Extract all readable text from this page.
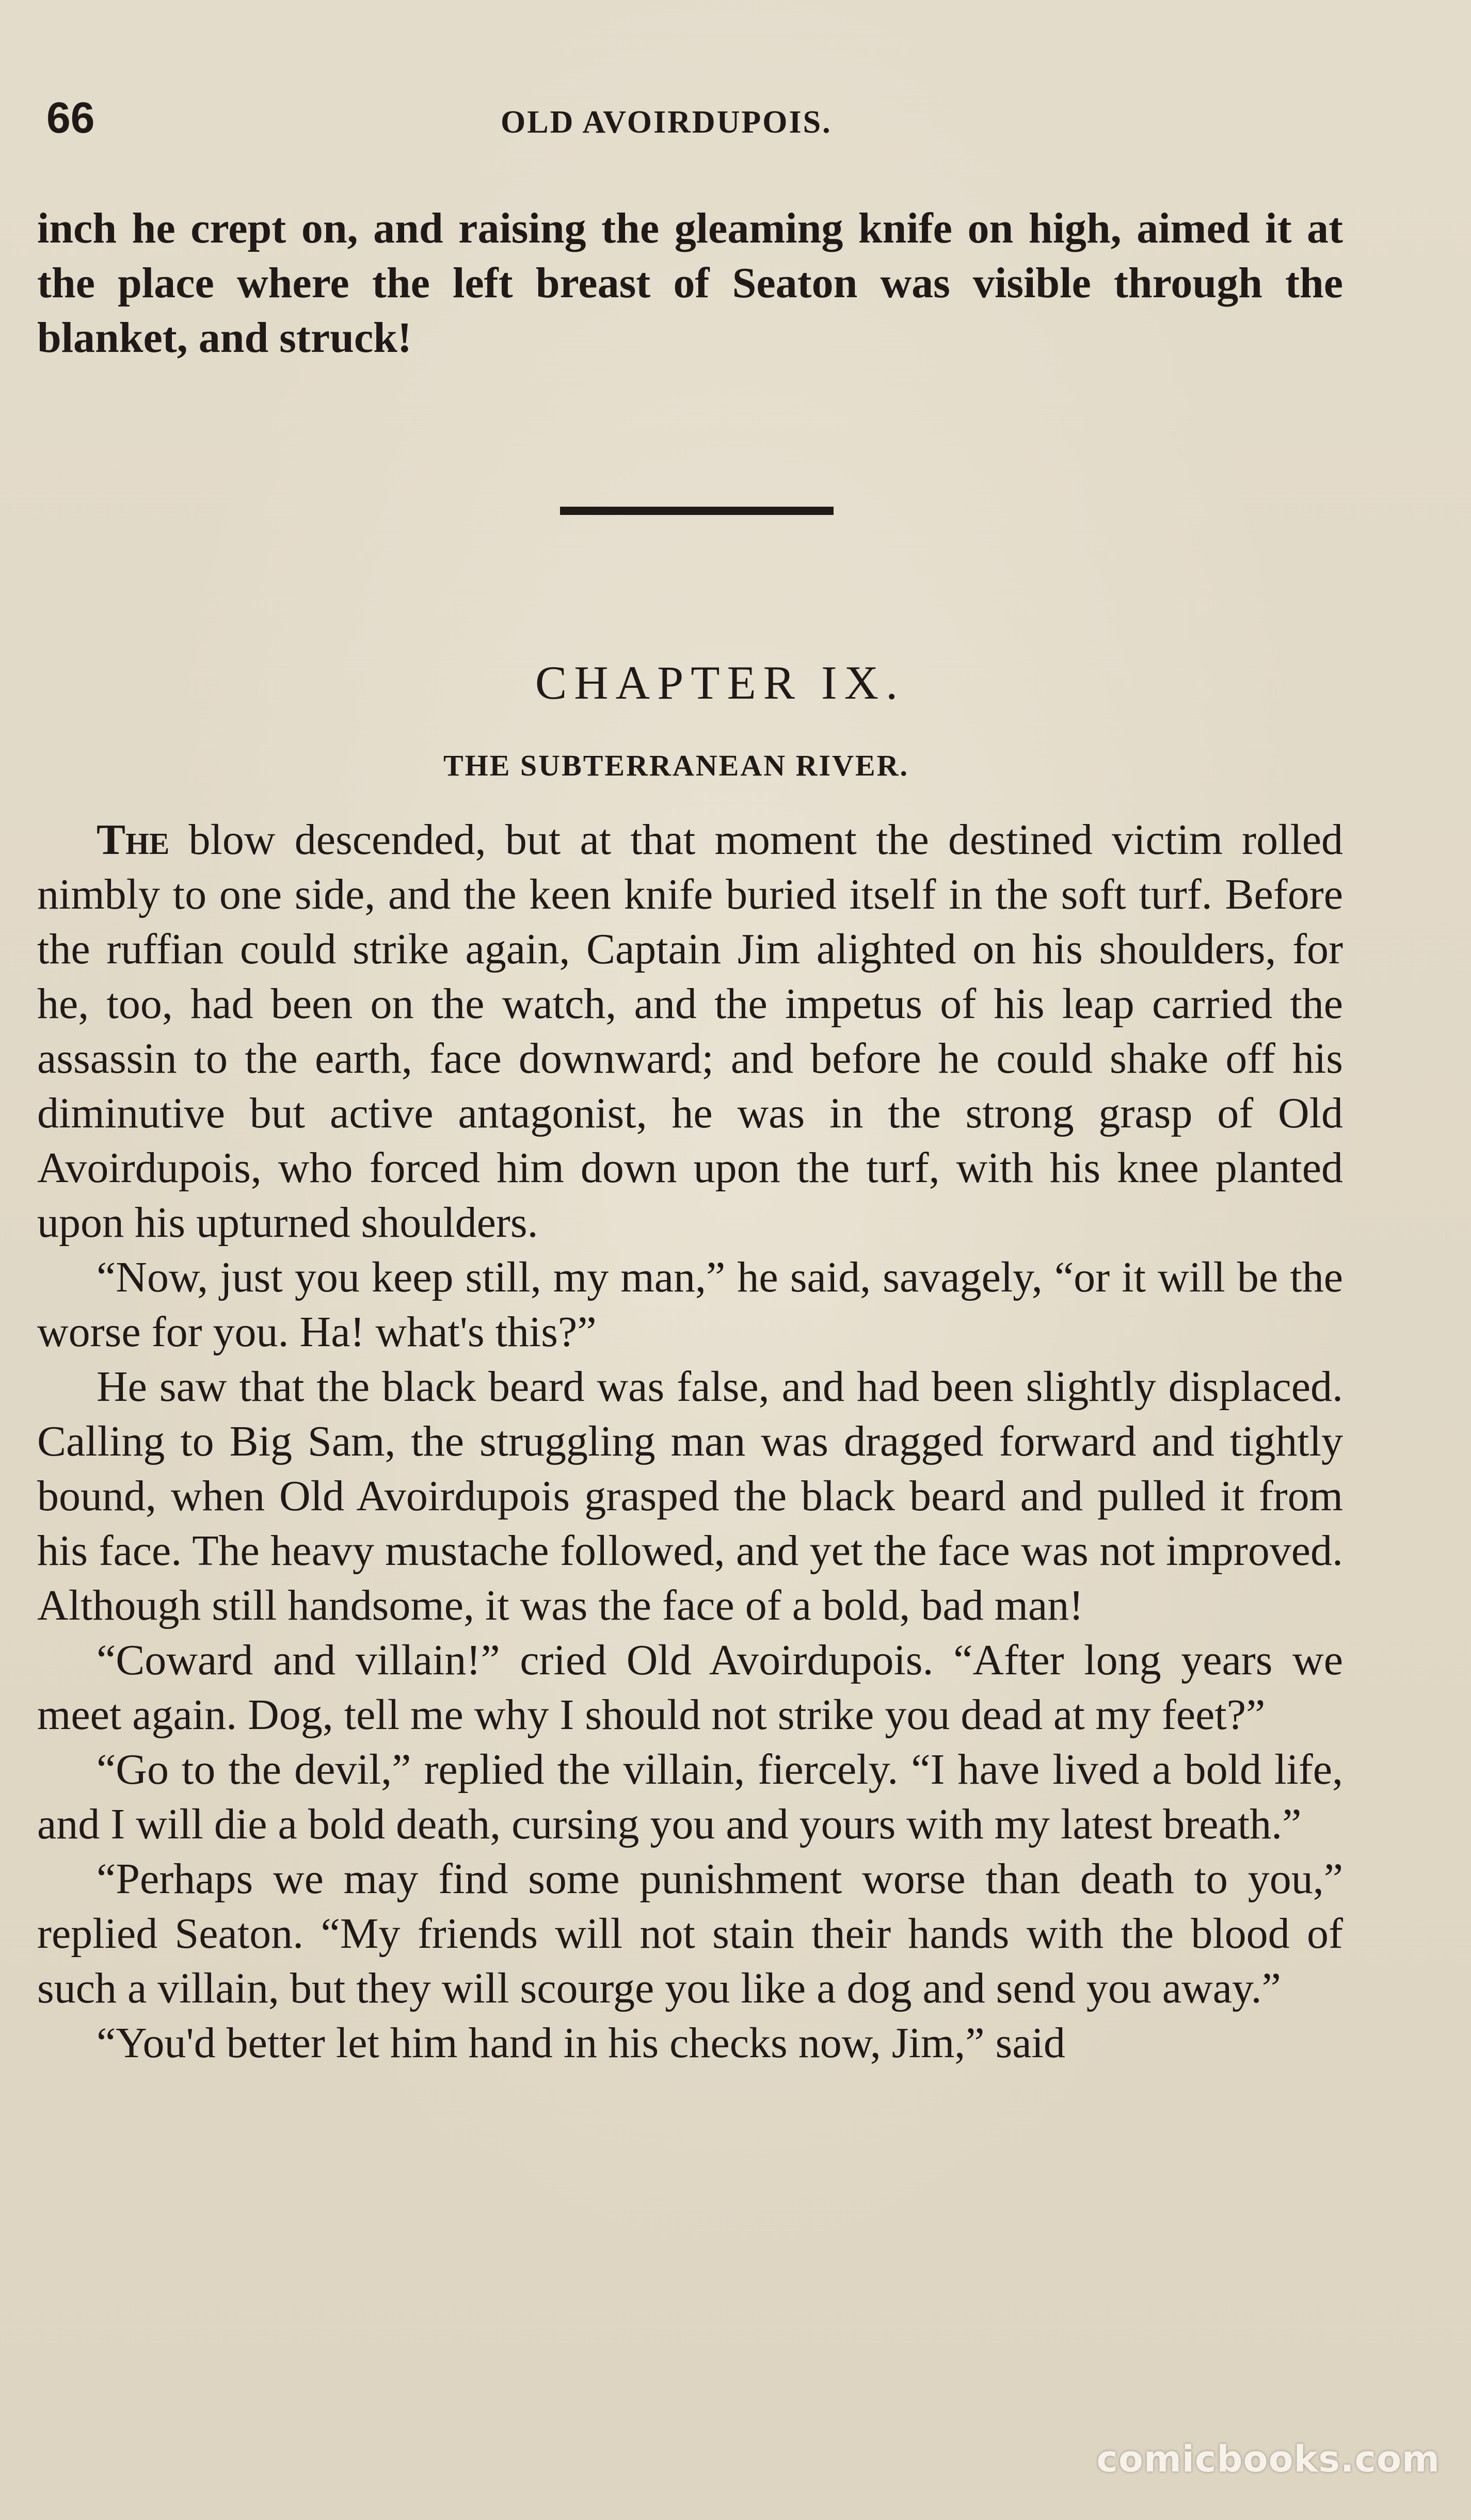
66	OLD AVOIRDUPOIS.

inch he crept on, and raising the gleaming knife on high, aimed it at the place where the left breast of Seaton was visible through the blanket, and struck!

CHAPTER IX.
THE SUBTERRANEAN RIVER.

The blow descended, but at that moment the destined victim rolled nimbly to one side, and the keen knife buried itself in the soft turf. Before the ruffian could strike again, Captain Jim alighted on his shoulders, for he, too, had been on the watch, and the impetus of his leap carried the assassin to the earth, face downward; and before he could shake off his diminutive but active antagonist, he was in the strong grasp of Old Avoirdupois, who forced him down upon the turf, with his knee planted upon his upturned shoulders.

“Now, just you keep still, my man,” he said, savagely, “or it will be the worse for you. Ha! what's this?”

He saw that the black beard was false, and had been slightly displaced. Calling to Big Sam, the struggling man was dragged forward and tightly bound, when Old Avoirdupois grasped the black beard and pulled it from his face. The heavy mustache followed, and yet the face was not improved. Although still handsome, it was the face of a bold, bad man!

“Coward and villain!” cried Old Avoirdupois. “After long years we meet again. Dog, tell me why I should not strike you dead at my feet?”

“Go to the devil,” replied the villain, fiercely. “I have lived a bold life, and I will die a bold death, cursing you and yours with my latest breath.”

“Perhaps we may find some punishment worse than death to you,” replied Seaton. “My friends will not stain their hands with the blood of such a villain, but they will scourge you like a dog and send you away.”

“You'd better let him hand in his checks now, Jim,” said

comicbooks.com
